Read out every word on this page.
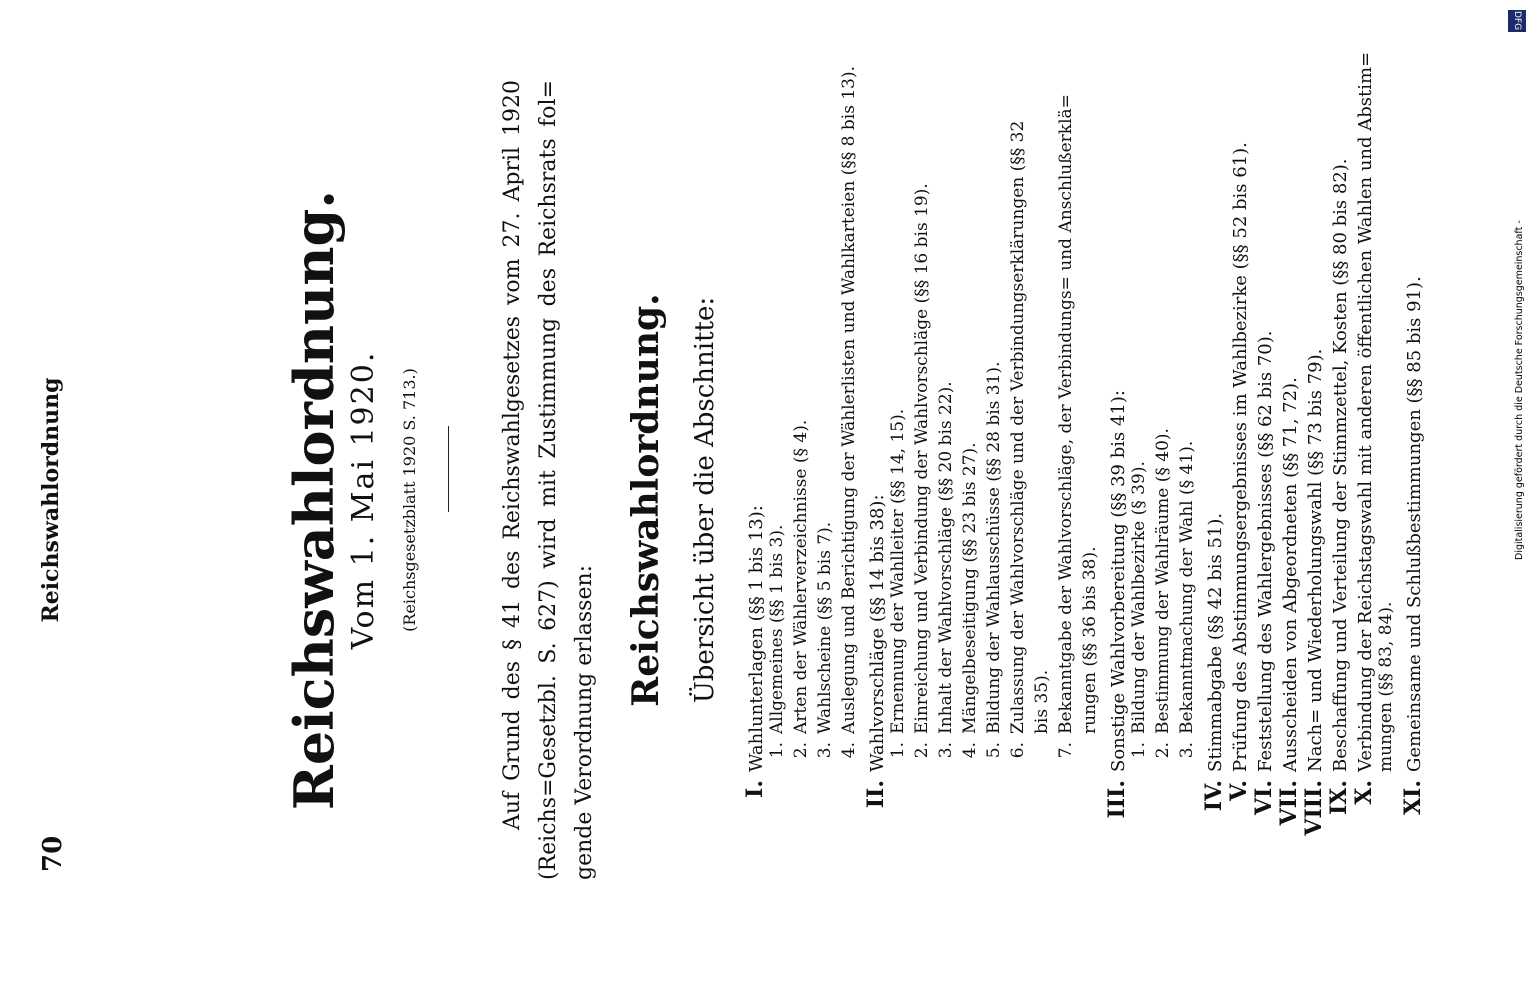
Reichswahlordnung
70
Reichswahlordnung. Vom 1. Mai 1920. (Reichsgesetzblatt 1920 S. 713.)	Auf Grund des § 41 des Reichswahlgesetzes vom 27. April 1920 (Reichs=Gesetzbl. S. 627) wird mit Zustimmung des Reichsrats fol= gende Verordnung erlassen:
Reichswahlordnung. Übersicht über die Abschnitte:
I.
Wahlunterlagen (§§ 1 bis 13): 1.
Allgemeines (§§ 1 bis 3).
2.
Arten der Wählerverzeichnisse (§ 4).
3.
Wahlscheine (§§ 5 bis 7).
4.
Auslegung und Berichtigung der Wählerlisten und Wahlkarteien (§§ 8 bis 13).
II.
Wahlvorschläge (§§ 14 bis 38): 1.
Ernennung der Wahlleiter (§§ 14, 15).
2.
Einreichung und Verbindung der Wahlvorschläge (§§ 16 bis 19).
3.
Inhalt der Wahlvorschläge (§§ 20 bis 22).
4.
Mängelbeseitigung (§§ 23 bis 27).
5.
Bildung der Wahlausschüsse (§§ 28 bis 31).
6.
Zulassung der Wahlvorschläge und der Verbindungserklärungen (§§ 32 bis 35).
7.
Bekanntgabe der Wahlvorschläge, der Verbindungs= und Anschlußerklä= rungen (§§ 36 bis 38).
III.
Sonstige Wahlvorbereitung (§§ 39 bis 41): 1.
Bildung der Wahlbezirke (§ 39).
2.
Bestimmung der Wahlräume (§ 40).
3.
Bekanntmachung der Wahl (§ 41).
IV.
Stimmabgabe (§§ 42 bis 51).
V.
Prüfung des Abstimmungsergebnisses im Wahlbezirke (§§ 52 bis 61).
VI.
Feststellung des Wahlergebnisses (§§ 62 bis 70).
VII.
Ausscheiden von Abgeordneten (§§ 71, 72).
VIII.
Nach= und Wiederholungswahl (§§ 73 bis 79).
IX.
Beschaffung und Verteilung der Stimmzettel, Kosten (§§ 80 bis 82).
X.
Verbindung der Reichstagswahl mit anderen öffentlichen Wahlen und Abstim= mungen (§§ 83, 84).
XI.
Gemeinsame und Schlußbestimmungen (§§ 85 bis 91).
DFG
Digitalisierung gefördert durch die Deutsche Forschungsgemeinschaft -
